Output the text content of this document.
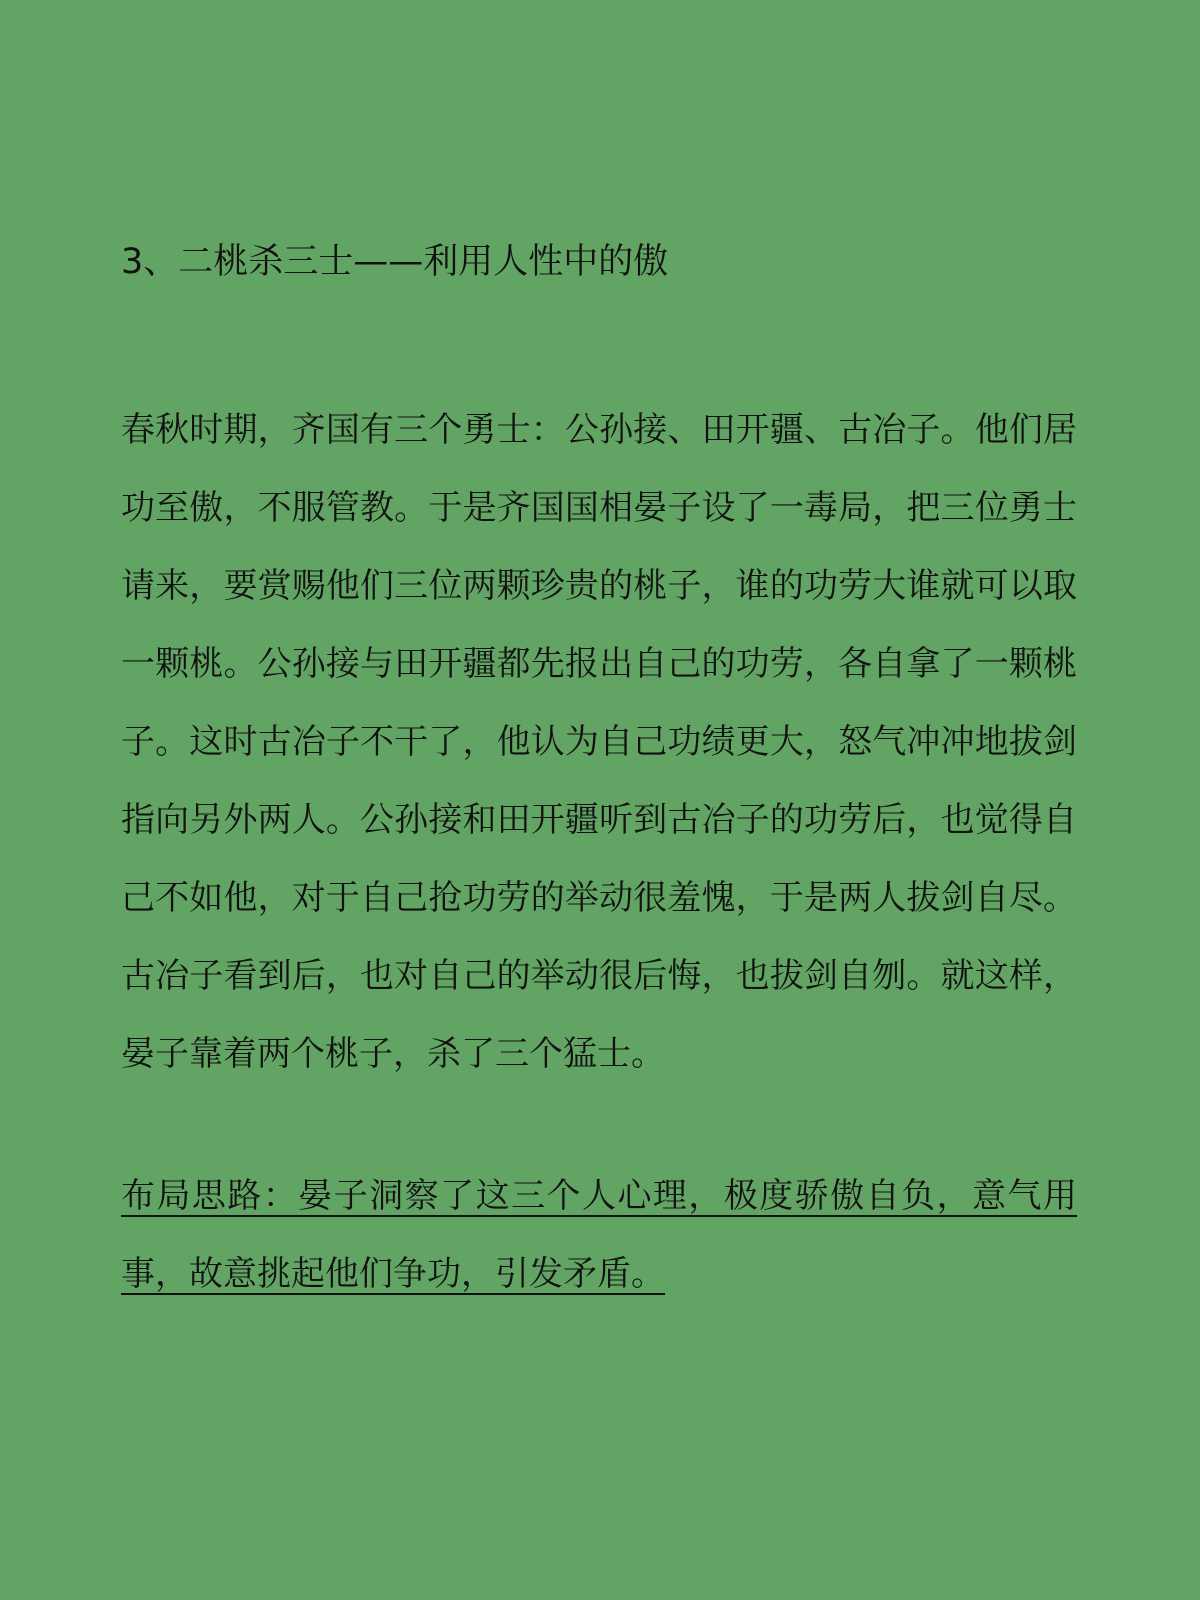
3、二桃杀三士——利用人性中的傲

春秋时期，齐国有三个勇士：公孙接、田开疆、古冶子。他们居功至傲，不服管教。于是齐国国相晏子设了一毒局，把三位勇士请来，要赏赐他们三位两颗珍贵的桃子，谁的功劳大谁就可以取一颗桃。公孙接与田开疆都先报出自己的功劳，各自拿了一颗桃子。这时古冶子不干了，他认为自己功绩更大，怒气冲冲地拔剑指向另外两人。公孙接和田开疆听到古冶子的功劳后，也觉得自己不如他，对于自己抢功劳的举动很羞愧，于是两人拔剑自尽。古冶子看到后，也对自己的举动很后悔，也拔剑自刎。就这样，晏子靠着两个桃子，杀了三个猛士。

布局思路：晏子洞察了这三个人心理，极度骄傲自负，意气用事，故意挑起他们争功，引发矛盾。
